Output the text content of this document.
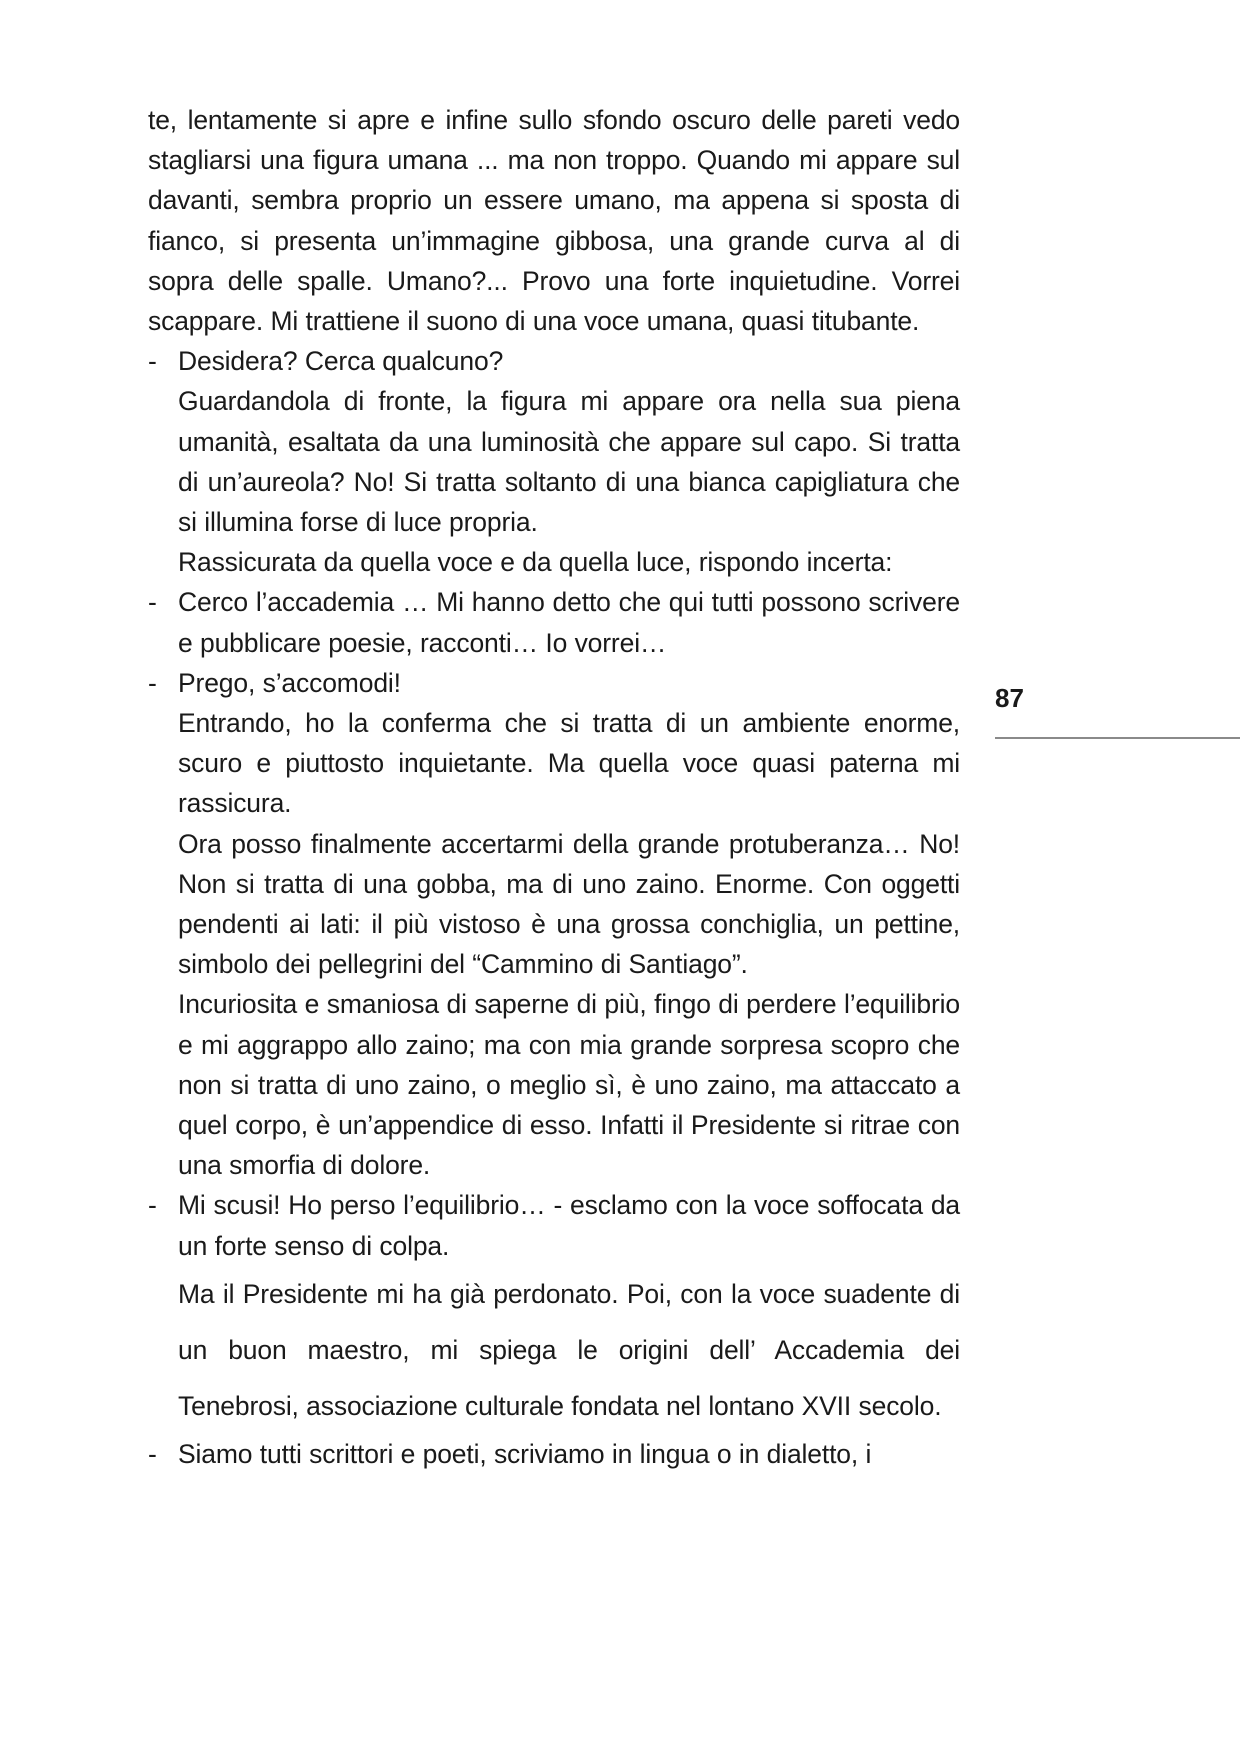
te, lentamente si apre e infine sullo sfondo oscuro delle pareti vedo stagliarsi una figura umana ... ma non troppo. Quando mi appare sul davanti, sembra proprio un essere umano, ma appena si sposta di fianco, si presenta un’immagine gibbosa, una grande curva al di sopra delle spalle. Umano?... Provo una forte inquietudine. Vorrei scappare. Mi trattiene il suono di una voce umana, quasi titubante.

- Desidera? Cerca qualcuno?

Guardandola di fronte, la figura mi appare ora nella sua piena umanità, esaltata da una luminosità che appare sul capo. Si tratta di un’aureola? No! Si tratta soltanto di una bianca capigliatura che si illumina forse di luce propria.

Rassicurata da quella voce e da quella luce, rispondo incerta:

- Cerco l’accademia … Mi hanno detto che qui tutti possono scrivere e pubblicare poesie, racconti… Io vorrei…

- Prego, s’accomodi!

Entrando, ho la conferma che si tratta di un ambiente enorme, scuro e piuttosto inquietante. Ma quella voce quasi paterna mi rassicura.

Ora posso finalmente accertarmi della grande protuberanza… No! Non si tratta di una gobba, ma di uno zaino. Enorme. Con oggetti pendenti ai lati: il più vistoso è una grossa conchiglia, un pettine, simbolo dei pellegrini del “Cammino di Santiago”.

Incuriosita e smaniosa di saperne di più, fingo di perdere l’equilibrio e mi aggrappo allo zaino; ma con mia grande sorpresa scopro che non si tratta di uno zaino, o meglio sì, è uno zaino, ma attaccato a quel corpo, è un’appendice di esso. Infatti il Presidente si ritrae con una smorfia di dolore.

- Mi scusi! Ho perso l’equilibrio… - esclamo con la voce soffocata da un forte senso di colpa.

Ma il Presidente mi ha già perdonato. Poi, con la voce suadente di un buon maestro, mi spiega le origini dell’ Accademia dei Tenebrosi, associazione culturale fondata nel lontano XVII secolo.

- Siamo tutti scrittori e poeti, scriviamo in lingua o in dialetto, i

87
